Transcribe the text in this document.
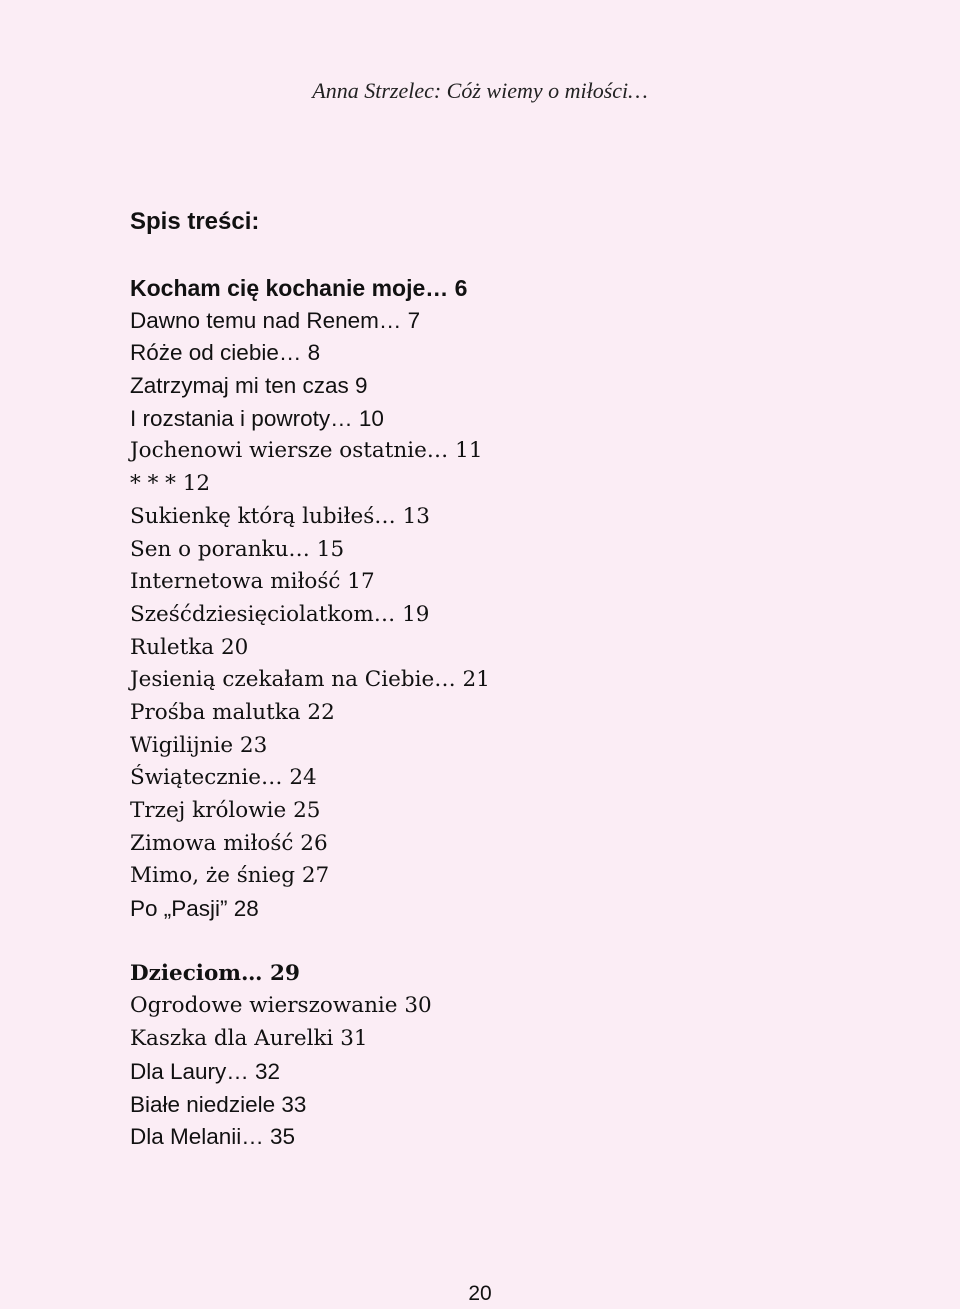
Anna Strzelec: Cóż wiemy o miłości…
Spis treści:
Kocham cię kochanie moje… 6
Dawno temu nad Renem… 7
Róże od ciebie… 8
Zatrzymaj mi ten czas 9
I rozstania i powroty… 10
Jochenowi wiersze ostatnie… 11
* * * 12
Sukienkę którą lubiłeś… 13
Sen o poranku… 15
Internetowa miłość 17
Sześćdziesięciolatkom… 19
Ruletka 20
Jesienią czekałam na Ciebie… 21
Prośba malutka 22
Wigilijnie 23
Świątecznie… 24
Trzej królowie 25
Zimowa miłość 26
Mimo, że śnieg 27
Po „Pasji” 28
Dzieciom… 29
Ogrodowe wierszowanie 30
Kaszka dla Aurelki 31
Dla Laury… 32
Białe niedziele 33
Dla Melanii… 35
20
